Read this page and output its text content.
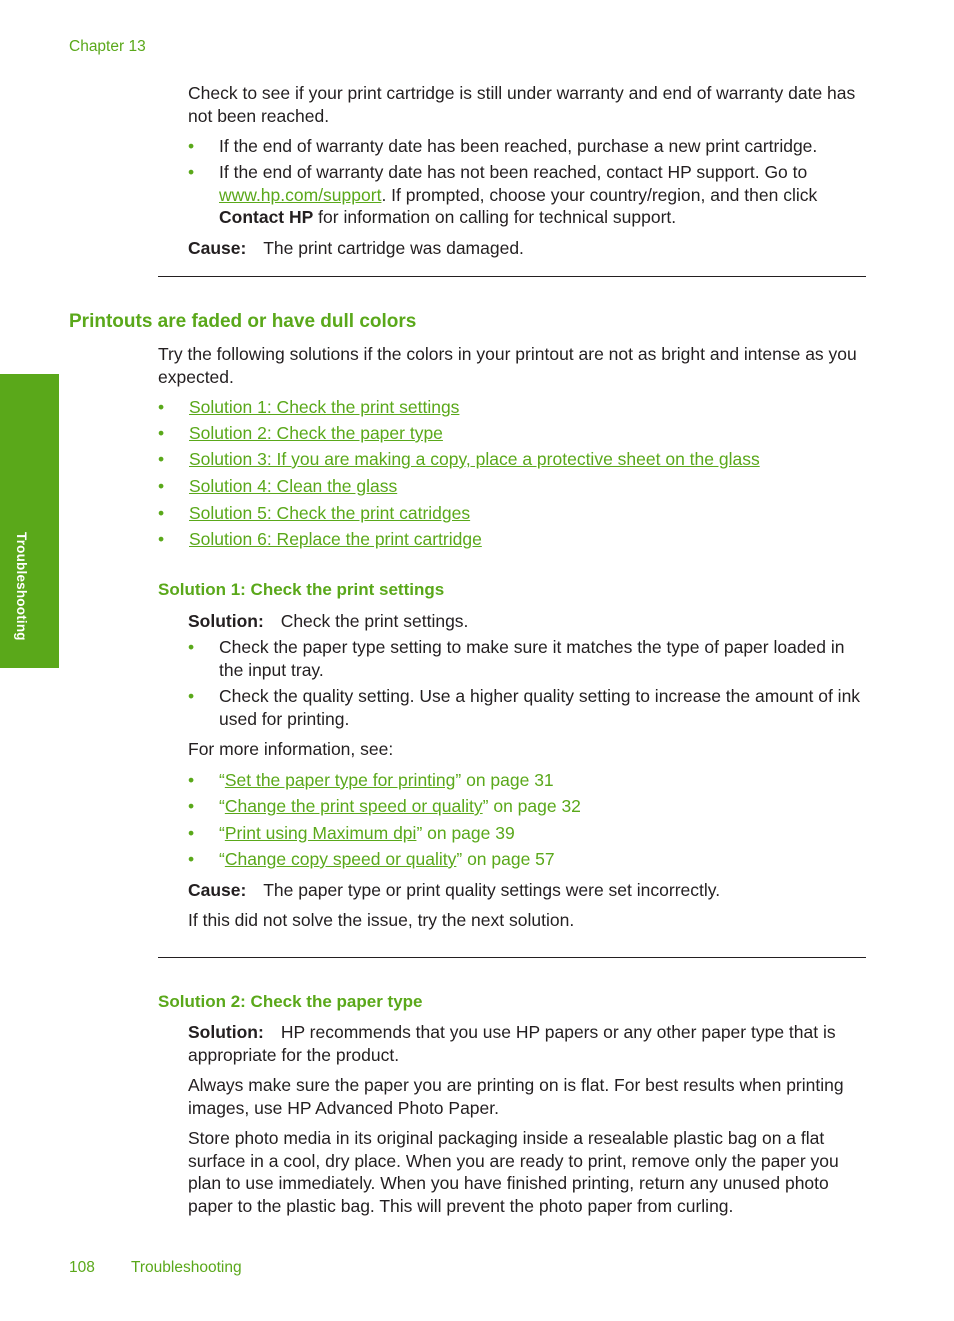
Chapter 13
Troubleshooting

Check to see if your print cartridge is still under warranty and end of warranty date has not been reached.

• If the end of warranty date has been reached, purchase a new print cartridge.
• If the end of warranty date has not been reached, contact HP support. Go to www.hp.com/support. If prompted, choose your country/region, and then click Contact HP for information on calling for technical support.

Cause: The print cartridge was damaged.

Printouts are faded or have dull colors

Try the following solutions if the colors in your printout are not as bright and intense as you expected.

• Solution 1: Check the print settings
• Solution 2: Check the paper type
• Solution 3: If you are making a copy, place a protective sheet on the glass
• Solution 4: Clean the glass
• Solution 5: Check the print catridges
• Solution 6: Replace the print cartridge
Solution 1: Check the print settings

Solution: Check the print settings.

• Check the paper type setting to make sure it matches the type of paper loaded in the input tray.
• Check the quality setting. Use a higher quality setting to increase the amount of ink used for printing.

For more information, see:

• “Set the paper type for printing” on page 31
• “Change the print speed or quality” on page 32
• “Print using Maximum dpi” on page 39
• “Change copy speed or quality” on page 57

Cause: The paper type or print quality settings were set incorrectly.

If this did not solve the issue, try the next solution.

Solution 2: Check the paper type

Solution: HP recommends that you use HP papers or any other paper type that is appropriate for the product.

Always make sure the paper you are printing on is flat. For best results when printing images, use HP Advanced Photo Paper.

Store photo media in its original packaging inside a resealable plastic bag on a flat surface in a cool, dry place. When you are ready to print, remove only the paper you plan to use immediately. When you have finished printing, return any unused photo paper to the plastic bag. This will prevent the photo paper from curling.

108 Troubleshooting
